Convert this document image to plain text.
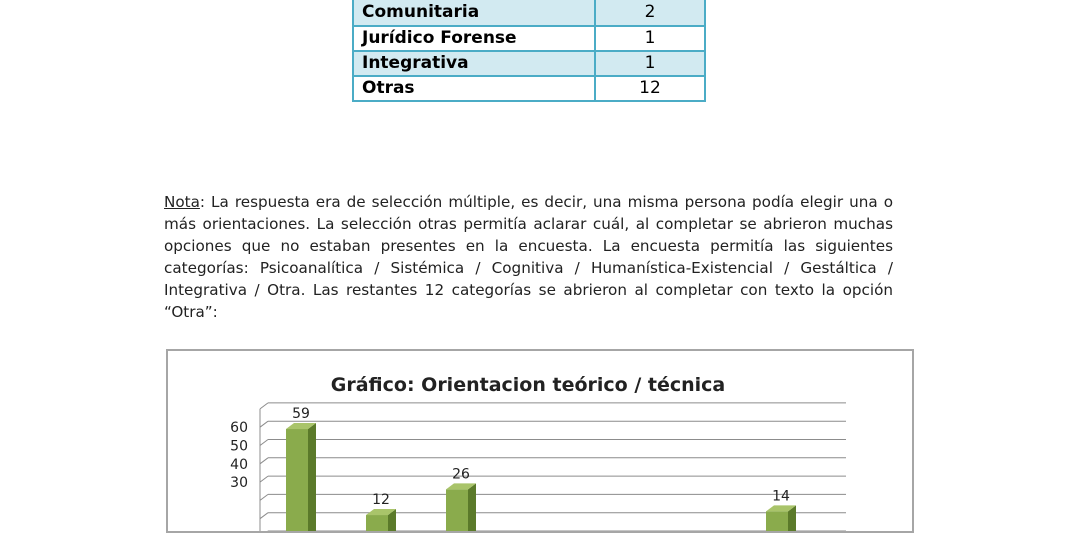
Comunitaria	2
Jurídico Forense	1
Integrativa	1
Otras	12

Nota: La respuesta era de selección múltiple, es decir, una misma persona podía elegir una o más orientaciones. La selección otras permitía aclarar cuál, al completar se abrieron muchas opciones que no estaban presentes en la encuesta. La encuesta permitía las siguientes categorías: Psicoanalítica / Sistémica / Cognitiva / Humanística-Existencial / Gestáltica / Integrativa / Otra. Las restantes 12 categorías se abrieron al completar con texto la opción “Otra”:

Gráfico: Orientacion teórico / técnica
30
40
50
60
59
12
26
14
